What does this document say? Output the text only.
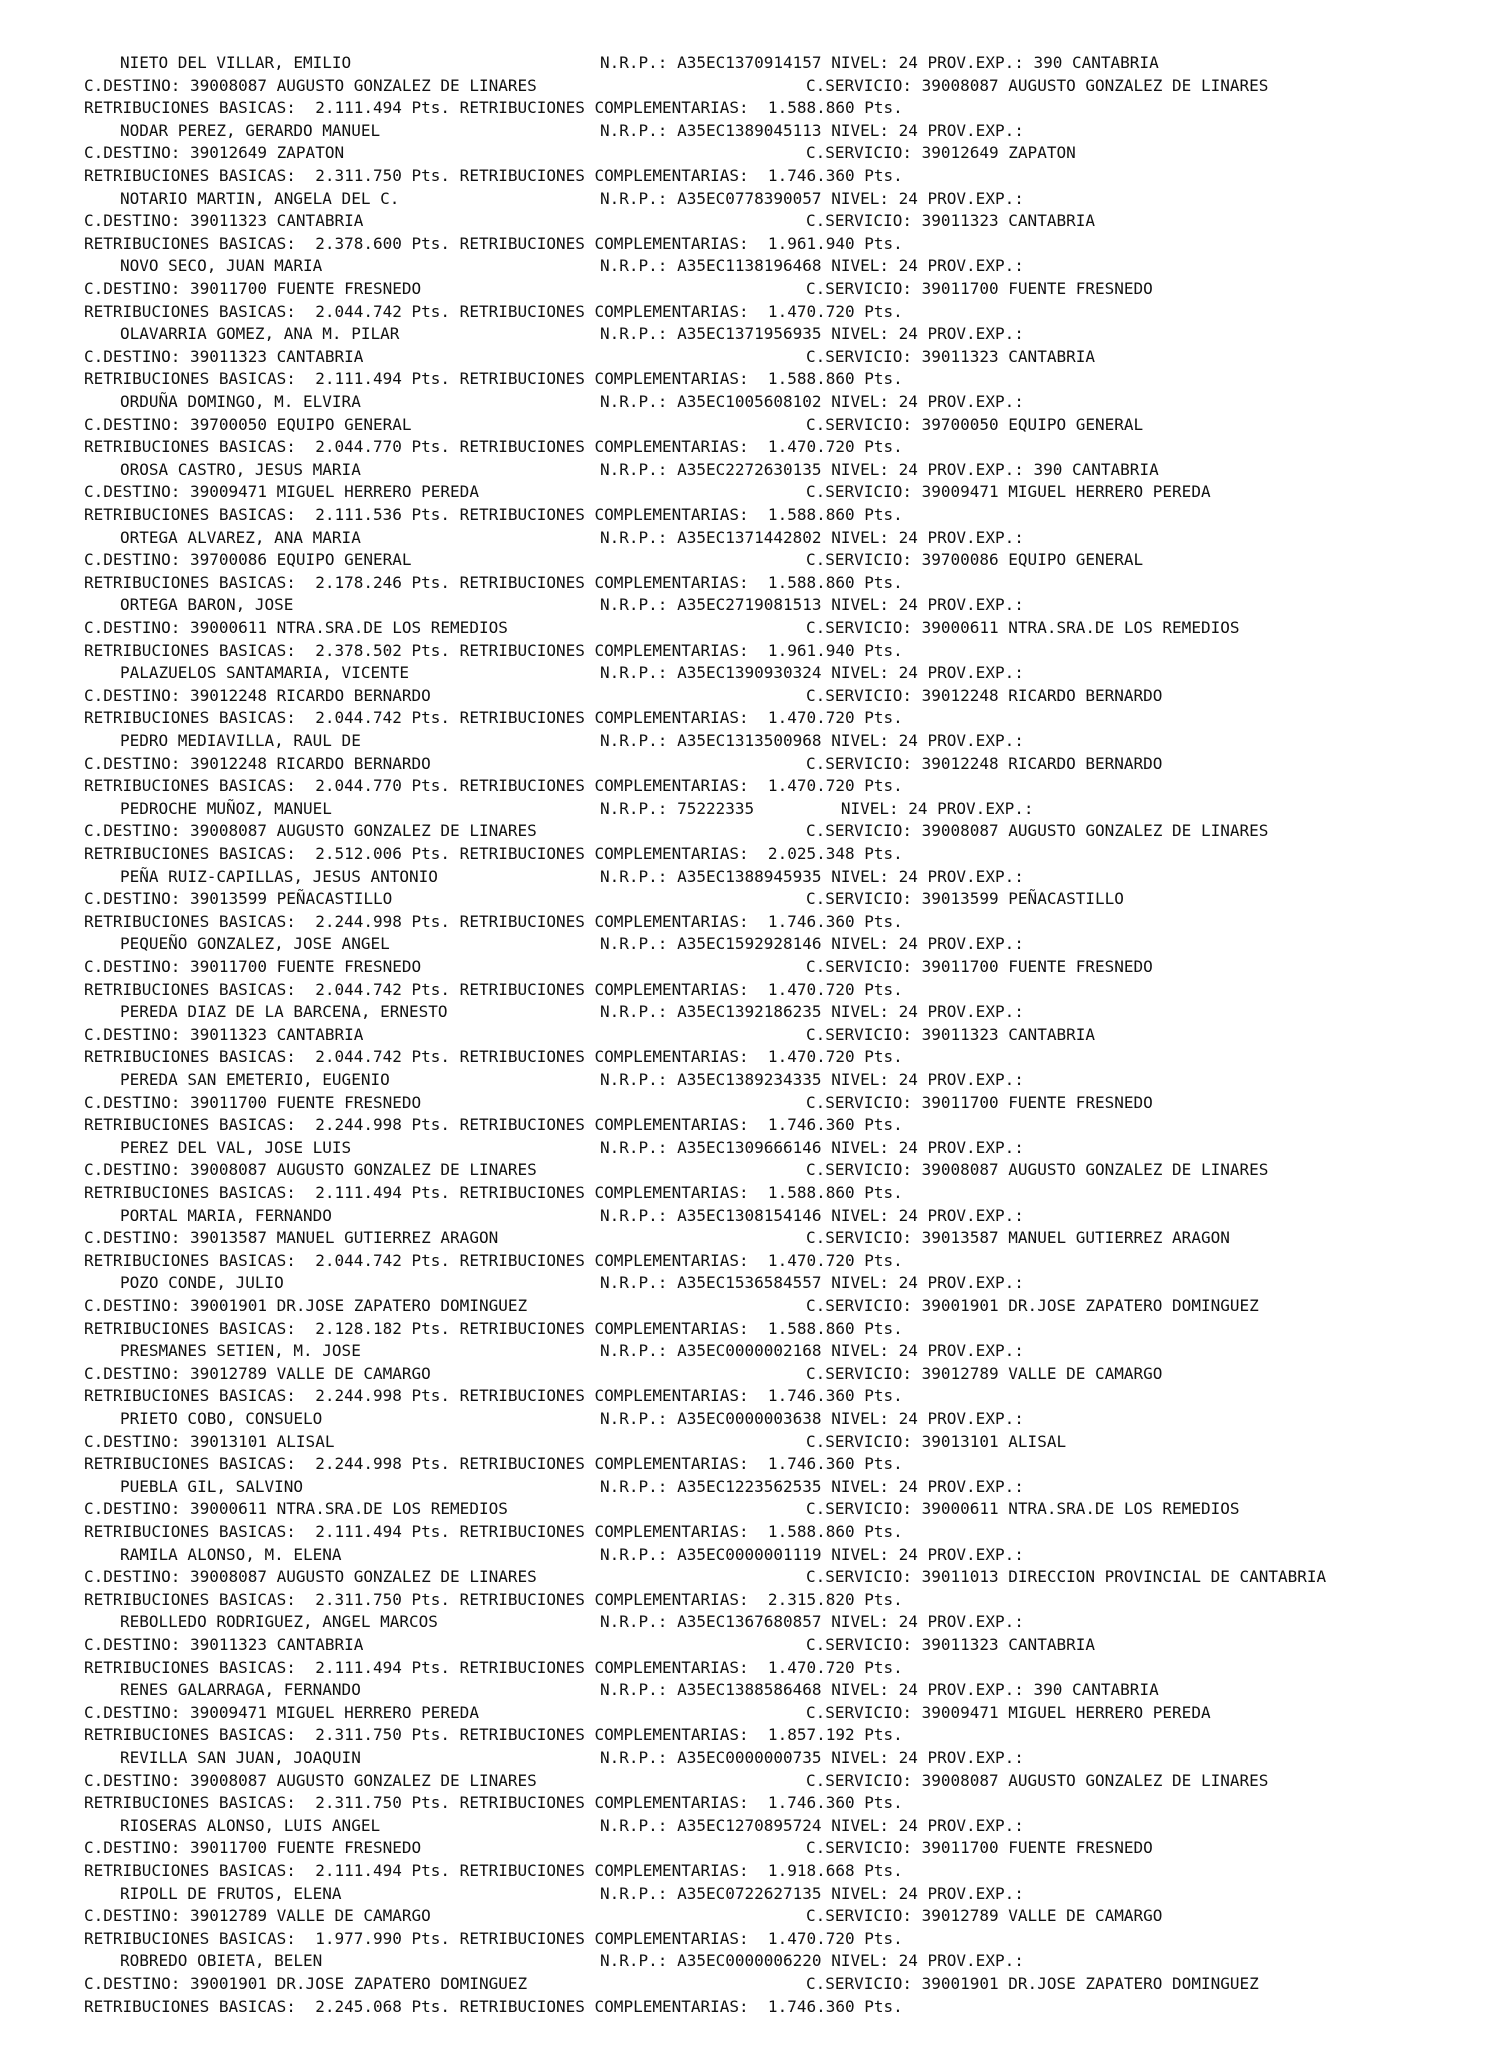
NIETO DEL VILLAR, EMILIO	N.R.P.: A35EC1370914157 NIVEL: 24 PROV.EXP.: 390 CANTABRIA
C.DESTINO: 39008087 AUGUSTO GONZALEZ DE LINARES	C.SERVICIO: 39008087 AUGUSTO GONZALEZ DE LINARES
RETRIBUCIONES BASICAS:  2.111.494 Pts. RETRIBUCIONES COMPLEMENTARIAS:  1.588.860 Pts.
NODAR PEREZ, GERARDO MANUEL	N.R.P.: A35EC1389045113 NIVEL: 24 PROV.EXP.:
C.DESTINO: 39012649 ZAPATON	C.SERVICIO: 39012649 ZAPATON
RETRIBUCIONES BASICAS:  2.311.750 Pts. RETRIBUCIONES COMPLEMENTARIAS:  1.746.360 Pts.
NOTARIO MARTIN, ANGELA DEL C.	N.R.P.: A35EC0778390057 NIVEL: 24 PROV.EXP.:
C.DESTINO: 39011323 CANTABRIA	C.SERVICIO: 39011323 CANTABRIA
RETRIBUCIONES BASICAS:  2.378.600 Pts. RETRIBUCIONES COMPLEMENTARIAS:  1.961.940 Pts.
NOVO SECO, JUAN MARIA	N.R.P.: A35EC1138196468 NIVEL: 24 PROV.EXP.:
C.DESTINO: 39011700 FUENTE FRESNEDO	C.SERVICIO: 39011700 FUENTE FRESNEDO
RETRIBUCIONES BASICAS:  2.044.742 Pts. RETRIBUCIONES COMPLEMENTARIAS:  1.470.720 Pts.
OLAVARRIA GOMEZ, ANA M. PILAR	N.R.P.: A35EC1371956935 NIVEL: 24 PROV.EXP.:
C.DESTINO: 39011323 CANTABRIA	C.SERVICIO: 39011323 CANTABRIA
RETRIBUCIONES BASICAS:  2.111.494 Pts. RETRIBUCIONES COMPLEMENTARIAS:  1.588.860 Pts.
ORDUÑA DOMINGO, M. ELVIRA	N.R.P.: A35EC1005608102 NIVEL: 24 PROV.EXP.:
C.DESTINO: 39700050 EQUIPO GENERAL	C.SERVICIO: 39700050 EQUIPO GENERAL
RETRIBUCIONES BASICAS:  2.044.770 Pts. RETRIBUCIONES COMPLEMENTARIAS:  1.470.720 Pts.
OROSA CASTRO, JESUS MARIA	N.R.P.: A35EC2272630135 NIVEL: 24 PROV.EXP.: 390 CANTABRIA
C.DESTINO: 39009471 MIGUEL HERRERO PEREDA	C.SERVICIO: 39009471 MIGUEL HERRERO PEREDA
RETRIBUCIONES BASICAS:  2.111.536 Pts. RETRIBUCIONES COMPLEMENTARIAS:  1.588.860 Pts.
ORTEGA ALVAREZ, ANA MARIA	N.R.P.: A35EC1371442802 NIVEL: 24 PROV.EXP.:
C.DESTINO: 39700086 EQUIPO GENERAL	C.SERVICIO: 39700086 EQUIPO GENERAL
RETRIBUCIONES BASICAS:  2.178.246 Pts. RETRIBUCIONES COMPLEMENTARIAS:  1.588.860 Pts.
ORTEGA BARON, JOSE	N.R.P.: A35EC2719081513 NIVEL: 24 PROV.EXP.:
C.DESTINO: 39000611 NTRA.SRA.DE LOS REMEDIOS	C.SERVICIO: 39000611 NTRA.SRA.DE LOS REMEDIOS
RETRIBUCIONES BASICAS:  2.378.502 Pts. RETRIBUCIONES COMPLEMENTARIAS:  1.961.940 Pts.
PALAZUELOS SANTAMARIA, VICENTE	N.R.P.: A35EC1390930324 NIVEL: 24 PROV.EXP.:
C.DESTINO: 39012248 RICARDO BERNARDO	C.SERVICIO: 39012248 RICARDO BERNARDO
RETRIBUCIONES BASICAS:  2.044.742 Pts. RETRIBUCIONES COMPLEMENTARIAS:  1.470.720 Pts.
PEDRO MEDIAVILLA, RAUL DE	N.R.P.: A35EC1313500968 NIVEL: 24 PROV.EXP.:
C.DESTINO: 39012248 RICARDO BERNARDO	C.SERVICIO: 39012248 RICARDO BERNARDO
RETRIBUCIONES BASICAS:  2.044.770 Pts. RETRIBUCIONES COMPLEMENTARIAS:  1.470.720 Pts.
PEDROCHE MUÑOZ, MANUEL	N.R.P.: 75222335         NIVEL: 24 PROV.EXP.:
C.DESTINO: 39008087 AUGUSTO GONZALEZ DE LINARES	C.SERVICIO: 39008087 AUGUSTO GONZALEZ DE LINARES
RETRIBUCIONES BASICAS:  2.512.006 Pts. RETRIBUCIONES COMPLEMENTARIAS:  2.025.348 Pts.
PEÑA RUIZ-CAPILLAS, JESUS ANTONIO	N.R.P.: A35EC1388945935 NIVEL: 24 PROV.EXP.:
C.DESTINO: 39013599 PEÑACASTILLO	C.SERVICIO: 39013599 PEÑACASTILLO
RETRIBUCIONES BASICAS:  2.244.998 Pts. RETRIBUCIONES COMPLEMENTARIAS:  1.746.360 Pts.
PEQUEÑO GONZALEZ, JOSE ANGEL	N.R.P.: A35EC1592928146 NIVEL: 24 PROV.EXP.:
C.DESTINO: 39011700 FUENTE FRESNEDO	C.SERVICIO: 39011700 FUENTE FRESNEDO
RETRIBUCIONES BASICAS:  2.044.742 Pts. RETRIBUCIONES COMPLEMENTARIAS:  1.470.720 Pts.
PEREDA DIAZ DE LA BARCENA, ERNESTO	N.R.P.: A35EC1392186235 NIVEL: 24 PROV.EXP.:
C.DESTINO: 39011323 CANTABRIA	C.SERVICIO: 39011323 CANTABRIA
RETRIBUCIONES BASICAS:  2.044.742 Pts. RETRIBUCIONES COMPLEMENTARIAS:  1.470.720 Pts.
PEREDA SAN EMETERIO, EUGENIO	N.R.P.: A35EC1389234335 NIVEL: 24 PROV.EXP.:
C.DESTINO: 39011700 FUENTE FRESNEDO	C.SERVICIO: 39011700 FUENTE FRESNEDO
RETRIBUCIONES BASICAS:  2.244.998 Pts. RETRIBUCIONES COMPLEMENTARIAS:  1.746.360 Pts.
PEREZ DEL VAL, JOSE LUIS	N.R.P.: A35EC1309666146 NIVEL: 24 PROV.EXP.:
C.DESTINO: 39008087 AUGUSTO GONZALEZ DE LINARES	C.SERVICIO: 39008087 AUGUSTO GONZALEZ DE LINARES
RETRIBUCIONES BASICAS:  2.111.494 Pts. RETRIBUCIONES COMPLEMENTARIAS:  1.588.860 Pts.
PORTAL MARIA, FERNANDO	N.R.P.: A35EC1308154146 NIVEL: 24 PROV.EXP.:
C.DESTINO: 39013587 MANUEL GUTIERREZ ARAGON	C.SERVICIO: 39013587 MANUEL GUTIERREZ ARAGON
RETRIBUCIONES BASICAS:  2.044.742 Pts. RETRIBUCIONES COMPLEMENTARIAS:  1.470.720 Pts.
POZO CONDE, JULIO	N.R.P.: A35EC1536584557 NIVEL: 24 PROV.EXP.:
C.DESTINO: 39001901 DR.JOSE ZAPATERO DOMINGUEZ	C.SERVICIO: 39001901 DR.JOSE ZAPATERO DOMINGUEZ
RETRIBUCIONES BASICAS:  2.128.182 Pts. RETRIBUCIONES COMPLEMENTARIAS:  1.588.860 Pts.
PRESMANES SETIEN, M. JOSE	N.R.P.: A35EC0000002168 NIVEL: 24 PROV.EXP.:
C.DESTINO: 39012789 VALLE DE CAMARGO	C.SERVICIO: 39012789 VALLE DE CAMARGO
RETRIBUCIONES BASICAS:  2.244.998 Pts. RETRIBUCIONES COMPLEMENTARIAS:  1.746.360 Pts.
PRIETO COBO, CONSUELO	N.R.P.: A35EC0000003638 NIVEL: 24 PROV.EXP.:
C.DESTINO: 39013101 ALISAL	C.SERVICIO: 39013101 ALISAL
RETRIBUCIONES BASICAS:  2.244.998 Pts. RETRIBUCIONES COMPLEMENTARIAS:  1.746.360 Pts.
PUEBLA GIL, SALVINO	N.R.P.: A35EC1223562535 NIVEL: 24 PROV.EXP.:
C.DESTINO: 39000611 NTRA.SRA.DE LOS REMEDIOS	C.SERVICIO: 39000611 NTRA.SRA.DE LOS REMEDIOS
RETRIBUCIONES BASICAS:  2.111.494 Pts. RETRIBUCIONES COMPLEMENTARIAS:  1.588.860 Pts.
RAMILA ALONSO, M. ELENA	N.R.P.: A35EC0000001119 NIVEL: 24 PROV.EXP.:
C.DESTINO: 39008087 AUGUSTO GONZALEZ DE LINARES	C.SERVICIO: 39011013 DIRECCION PROVINCIAL DE CANTABRIA
RETRIBUCIONES BASICAS:  2.311.750 Pts. RETRIBUCIONES COMPLEMENTARIAS:  2.315.820 Pts.
REBOLLEDO RODRIGUEZ, ANGEL MARCOS	N.R.P.: A35EC1367680857 NIVEL: 24 PROV.EXP.:
C.DESTINO: 39011323 CANTABRIA	C.SERVICIO: 39011323 CANTABRIA
RETRIBUCIONES BASICAS:  2.111.494 Pts. RETRIBUCIONES COMPLEMENTARIAS:  1.470.720 Pts.
RENES GALARRAGA, FERNANDO	N.R.P.: A35EC1388586468 NIVEL: 24 PROV.EXP.: 390 CANTABRIA
C.DESTINO: 39009471 MIGUEL HERRERO PEREDA	C.SERVICIO: 39009471 MIGUEL HERRERO PEREDA
RETRIBUCIONES BASICAS:  2.311.750 Pts. RETRIBUCIONES COMPLEMENTARIAS:  1.857.192 Pts.
REVILLA SAN JUAN, JOAQUIN	N.R.P.: A35EC0000000735 NIVEL: 24 PROV.EXP.:
C.DESTINO: 39008087 AUGUSTO GONZALEZ DE LINARES	C.SERVICIO: 39008087 AUGUSTO GONZALEZ DE LINARES
RETRIBUCIONES BASICAS:  2.311.750 Pts. RETRIBUCIONES COMPLEMENTARIAS:  1.746.360 Pts.
RIOSERAS ALONSO, LUIS ANGEL	N.R.P.: A35EC1270895724 NIVEL: 24 PROV.EXP.:
C.DESTINO: 39011700 FUENTE FRESNEDO	C.SERVICIO: 39011700 FUENTE FRESNEDO
RETRIBUCIONES BASICAS:  2.111.494 Pts. RETRIBUCIONES COMPLEMENTARIAS:  1.918.668 Pts.
RIPOLL DE FRUTOS, ELENA	N.R.P.: A35EC0722627135 NIVEL: 24 PROV.EXP.:
C.DESTINO: 39012789 VALLE DE CAMARGO	C.SERVICIO: 39012789 VALLE DE CAMARGO
RETRIBUCIONES BASICAS:  1.977.990 Pts. RETRIBUCIONES COMPLEMENTARIAS:  1.470.720 Pts.
ROBREDO OBIETA, BELEN	N.R.P.: A35EC0000006220 NIVEL: 24 PROV.EXP.:
C.DESTINO: 39001901 DR.JOSE ZAPATERO DOMINGUEZ	C.SERVICIO: 39001901 DR.JOSE ZAPATERO DOMINGUEZ
RETRIBUCIONES BASICAS:  2.245.068 Pts. RETRIBUCIONES COMPLEMENTARIAS:  1.746.360 Pts.
